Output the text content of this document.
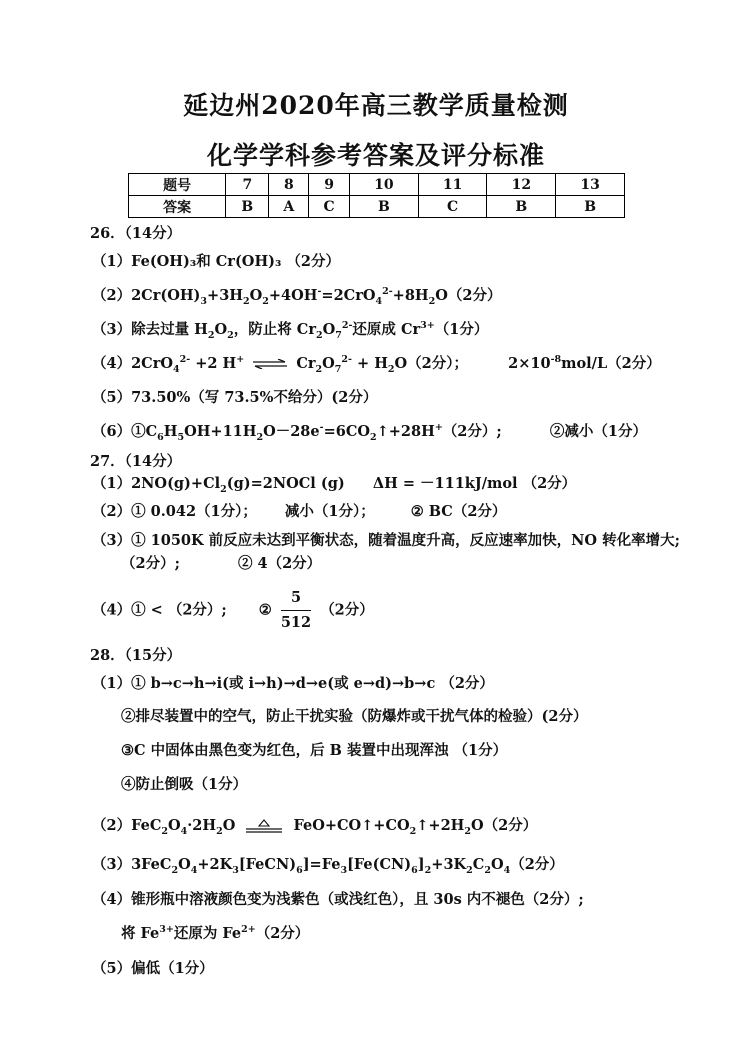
延边州2020年高三教学质量检测
化学学科参考答案及评分标准
题号	7	8	9	10	11	12	13
答案	B	A	C	B	C	B	B
26．（14分）
（1）Fe(OH)₃和 Cr(OH)₃ （2分）
$(2)2Cr(OH)_3+3H_2O_2+4OH^-=2CrO_4^{2-}+8H_2O(2$分）
（3）除去过量 $H_2O_2$，防止将 $Cr_2O_7^{2-}$还原成 $Cr^{3+}(1$分）
（4）2CrO$_4^{2-}$ +2 H+ ⇌ $Cr_2O_7^{2-} + H_2O(2$分）；	$2\times 10^{-8}mol/L(2$分）
（5）73.50%（写 73.5%不给分）(2分）
$(6)①C_6H_5OH+11H_2O-28e^-=6CO_2↑+28H^+(2$分）;	②减小（1分）
27．（14分）
$(1)2NO(g)+Cl_2(g)=2NOCl$ (g) ΔH = －111kJ/mol （2分）
（2）① 0.042（1分）； 减小（1分）； ② BC（2分）
（3）① 1050K 前反应未达到平衡状态，随着温度升高，反应速率加快，NO 转化率增大;
（2分）;	② 4（2分）
（4）① < （2分）; ② $\frac{5}{512} (2$分）
28．（15分）
（1）① b→c→h→i(或 i→h)→d→e(或 e→d)→b→c （2分）
②排尽装置中的空气，防止干扰实验（防爆炸或干扰气体的检验）(2分）
③C 中固体由黑色变为红色，后 B 装置中出现浑浊 （1分）
④防止倒吸（1分）
$(2)FeC_2O_4\cdot 2H_2O$	$FeO+CO↑+CO_2↑+2H_2O(2$分）
$(3)3FeC_2O_4+2K_3[FeCN)_6]=Fe_3[Fe(CN)_6]_2+3K_2C_2O_4(2$分）
（4）锥形瓶中溶液颜色变为浅紫色（或浅红色），且 30s 内不褪色（2分）;
将 $Fe^{3+}$还原为 $Fe^{2+}(2$分）
（5）偏低（1分）
